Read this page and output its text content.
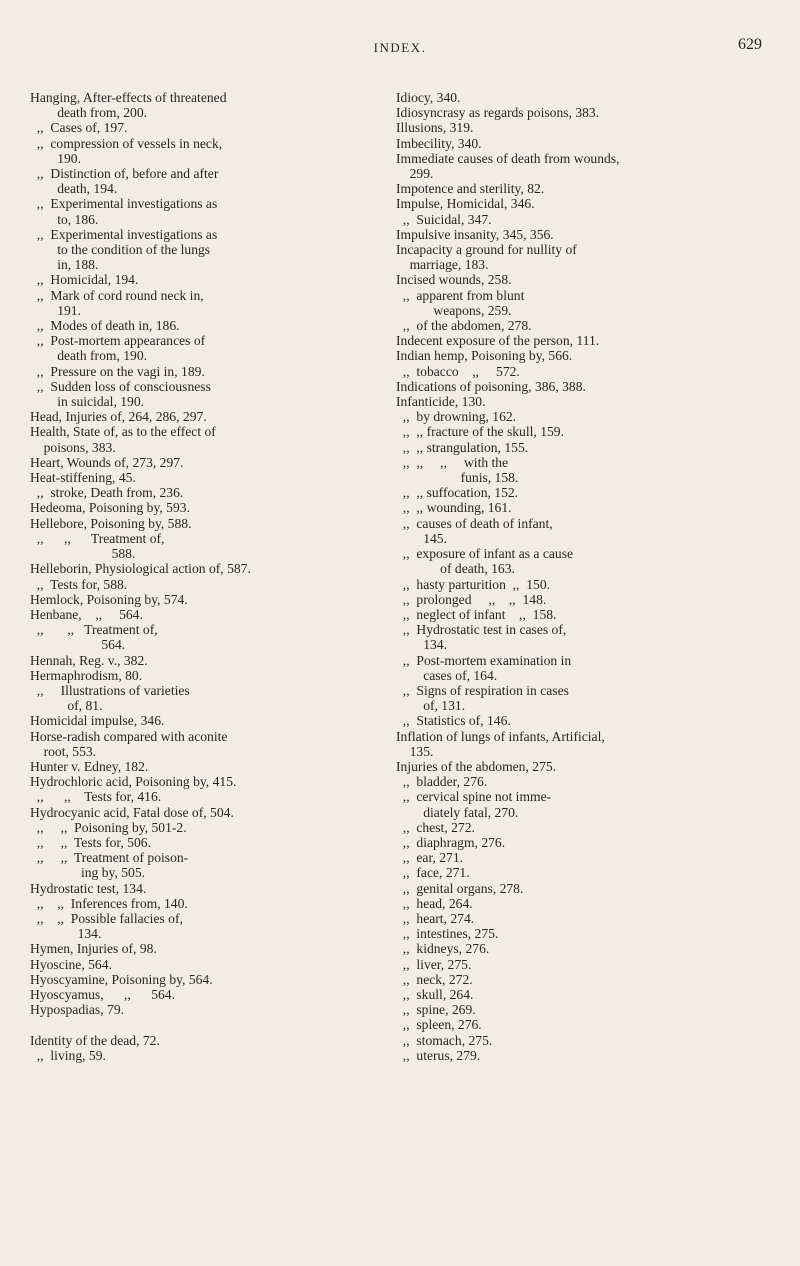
INDEX.	629
Hanging, After-effects of threatened
death from, 200.
,,  Cases of, 197.
,,  compression of vessels in neck,
190.
,,  Distinction of, before and after
death, 194.
,,  Experimental investigations as
to, 186.
,,  Experimental investigations as
to the condition of the lungs
in, 188.
,,  Homicidal, 194.
,,  Mark of cord round neck in,
191.
,,  Modes of death in, 186.
,,  Post-mortem appearances of
death from, 190.
,,  Pressure on the vagi in, 189.
,,  Sudden loss of consciousness
in suicidal, 190.
Head, Injuries of, 264, 286, 297.
Health, State of, as to the effect of
poisons, 383.
Heart, Wounds of, 273, 297.
Heat-stiffening, 45.
,,  stroke, Death from, 236.
Hedeoma, Poisoning by, 593.
Hellebore, Poisoning by, 588.
,,      ,,      Treatment of,
588.
Helleborin, Physiological action of, 587.
,,  Tests for, 588.
Hemlock, Poisoning by, 574.
Henbane,    ,,     564.
,,       ,,   Treatment of,
564.
Hennah, Reg. v., 382.
Hermaphrodism, 80.
,,     Illustrations of varieties
of, 81.
Homicidal impulse, 346.
Horse-radish compared with aconite
root, 553.
Hunter v. Edney, 182.
Hydrochloric acid, Poisoning by, 415.
,,      ,,    Tests for, 416.
Hydrocyanic acid, Fatal dose of, 504.
,,     ,,  Poisoning by, 501-2.
,,     ,,  Tests for, 506.
,,     ,,  Treatment of poison-
ing by, 505.
Hydrostatic test, 134.
,,    ,,  Inferences from, 140.
,,    ,,  Possible fallacies of,
134.
Hymen, Injuries of, 98.
Hyoscine, 564.
Hyoscyamine, Poisoning by, 564.
Hyoscyamus,      ,,      564.
Hypospadias, 79.

Identity of the dead, 72.
,,  living, 59.
Idiocy, 340.
Idiosyncrasy as regards poisons, 383.
Illusions, 319.
Imbecility, 340.
Immediate causes of death from wounds,
299.
Impotence and sterility, 82.
Impulse, Homicidal, 346.
,,  Suicidal, 347.
Impulsive insanity, 345, 356.
Incapacity a ground for nullity of
marriage, 183.
Incised wounds, 258.
,,  apparent from blunt
weapons, 259.
,,  of the abdomen, 278.
Indecent exposure of the person, 111.
Indian hemp, Poisoning by, 566.
,,  tobacco    ,,     572.
Indications of poisoning, 386, 388.
Infanticide, 130.
,,  by drowning, 162.
,,  ,, fracture of the skull, 159.
,,  ,, strangulation, 155.
,,  ,,     ,,     with the
funis, 158.
,,  ,, suffocation, 152.
,,  ,, wounding, 161.
,,  causes of death of infant,
145.
,,  exposure of infant as a cause
of death, 163.
,,  hasty parturition  ,,  150.
,,  prolonged     ,,    ,,  148.
,,  neglect of infant    ,,  158.
,,  Hydrostatic test in cases of,
134.
,,  Post-mortem examination in
cases of, 164.
,,  Signs of respiration in cases
of, 131.
,,  Statistics of, 146.
Inflation of lungs of infants, Artificial,
135.
Injuries of the abdomen, 275.
,,  bladder, 276.
,,  cervical spine not imme-
diately fatal, 270.
,,  chest, 272.
,,  diaphragm, 276.
,,  ear, 271.
,,  face, 271.
,,  genital organs, 278.
,,  head, 264.
,,  heart, 274.
,,  intestines, 275.
,,  kidneys, 276.
,,  liver, 275.
,,  neck, 272.
,,  skull, 264.
,,  spine, 269.
,,  spleen, 276.
,,  stomach, 275.
,,  uterus, 279.
